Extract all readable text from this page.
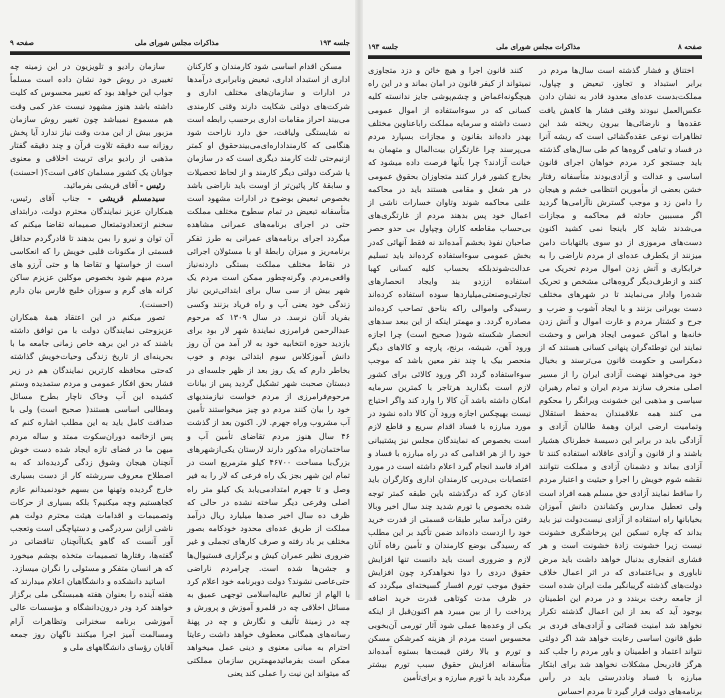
جلسه ۱۹۳
مذاکرات مجلس شورای ملی
صفحه ۹

مسکن اقدام اساسی شود کارمندان و کارکنان اداری از استبداد اداری، تبعیض ونابرابری درآمدها در ادارات و سازمان‌های مختلف اداری و شرکت‌های دولتی شکایت دارند وقتی کارمندی می‌بیند احراز مقامات اداری برحسب رابطه است نه شایستگی ولیاقت، حق دارد ناراحت شود هنگامی که کارمنداداره‌ای‌می‌بیندحقوق او کمتر ازنیم‌حتی ثلث کارمند دیگری است که در سازمان یا شرکت دولتی دیگر کارمند و از لحاظ تحصیلات و سابقهٔ کار پائین‌تر از اوست باید ناراضی باشد بخصوص تبعیض بوضوح در ادارات مشهود است متأسفانه تبعیض در تمام سطوح مختلف مملکت حتی در اجرای برنامه‌های عمرانی مشاهده میگردد اجرای برنامه‌های عمرانی به طرز تفکر برنامه‌ریز و میزان رابطهٔ او با مسئولان اجرائی در نقاط مختلف مملکت بستگی داردنه‌نیاز واقعی‌مردم. وگرنه‌چطور ممکن است مردم یک شهر بیش از سی سال برای ابتدائی‌ترین نیاز زندگی خود یعنی آب و راه فریاد بزنند وکسی بفریاد آنان نرسد. در سال ۱۳۰۹ که مرحوم عبدالرحمن فرامرزی نمایندهٔ شهر لار بود برای بازدید حوزه انتخابیه خود به لار آمد من آن روز دانش آموزکلاس سوم ابتدائی بودم و خوب بخاطر دارم که یک روز بعد از ظهر جلسه‌ای در دبستان صحبت شهر تشکیل گردید پس از بیانات مرحوم‌فرامرزی از مردم خواست نیازمندیهای خود را بیان کنند مردم دو چیز میخواستند تأمین آب مشروب وراه جهرم. لار. اکنون بعد از گذشت ۴۶ سال هنوز مردم تقاضای تأمین آب و ساختمان‌راه مذکور دارند لارستان یکی‌ازشهرهای بزرگ‌با مساحت ۴۶۷۰۰ کیلو مترمربع است در تمام این شهر بجز یک راه فرعی که لار را به فیر وصل و تا جهرم امتدادمی‌یابد یک کیلو متر راه اصلی وفرعی دیگر ساخته نشده در حالی که ظرف ده سال اخیر صدها میلیارد ریال درآمد مملکت از طریق عده‌ای محدود خود‌کامه بصور مختلف بر باد رفته و صرف کارهای تجملی و غیر ضروری نظیر عمران کیش و برگزاری فستیوال‌ها و جشن‌ها شده است. چرامردم ناراضی حتی‌عاصی نشوند؟ دولت دوبرنامه خود اعلام کرد با الهام از تعالیم عالیه‌اسلامی توجهی عمیق به مسائل اخلاقی چه در قلمرو آموزش و پرورش و چه در زمینهٔ تألیف و نگارش و چه در پهنهٔ رسانه‌های همگانی معطوف خواهد داشت رعایتا احترام به مبانی معنوی و دینی عمل میخواهد ممکن است بفرمائیدمهمترین سازمان مملکتی که میتواند این نیت را عملی کند یعنی

سازمان رادیو و تلویزیون در این زمینه چه تغییری در روش خود نشان داده است مسلماً جواب این خواهد بود که تغییر محسوس که کلیت داشته باشد هنوز مشهود نیست عذر کمی وقت هم مسموع نمیباشد چون تغییر روش سازمان مزبور بیش از این مدت وقت نیاز ندارد آیا پخش روزانه سه دقیقه تلاوت قرآن و چند دقیقه گفتار مذهبی از رادیو برای تربیت اخلاقی و معنوی جوانان یک کشور مسلمان کافی است؟( احسنت)

رئیس - آقای قریشی بفرمائید.

سیدمسلم قریشی - جناب آقای رئیس، همکاران عزیز نمایندگان محترم دولت، درابتدای سخنم ازتعداد‌وتمتعال صمیمانه تقاضا میکنم که آن توان و نیرو را بمن بدهند تا قادرگردم حداقل قسمتی از مکنونات قلبی خویش را که انعکاسی است از خواستها و تقاضا ها و حتی آرزو های مردم مبهم شود بخصوص موکلین عزیزم ساکن کرانه های گرم و سوزان خلیج فارس بیان دارم (احسنت).

تصور میکنم در این اعتقاد همهٔ همکاران عزیزوحتی نمایندگان دولت با من توافق داشته باشند که در این برهه خاص زمانی جامعه ما با بحرینه‌ای از تاریخ زندگی وحیات‌خویش گذاشته که‌حتی محافظه کارترین نمایندگان هم در زیر فشار بحق افکار عمومی و مردم ستمدیده وستم کشیده این آب وخاک ناچار بطرح مسائل ومطالبی اساسی هستند( صحیح است) ولی با صداقت کامل باید به این مطلب اشاره کنم که پس ازخاتمه دوران‌سکوت ممتد و ساله مردم میهن ما در فضای تازه ایجاد شده دست خوش آنچنان هیجان وشوق زدگی گردیده‌اند که به اصطلاح معروف سررشته کار از دست بسیاری خارج گردیده وتهنها من بسهم خود‌نمیدانم عازم کجاهستیم وچه میکنیم؟ بلکه بسیاری از حرکات وتصمیمات و اقدامات هیئت محترم دولت هم ناشی ازاین سردرگمی و دستپاچگی است وتعجب آور آنست که گاهو یکباآنچنان تناقضاتی در گفته‌ها، رفتارها تصمیمات متخذه بچشم میخورد که هر انسان متفکر و مسئولی را نگران میسازد.

اساتید دانشکده و دانشگاهیان اعلام میدارند که هفته آینده را بعنوان هفته همبستگی ملی برگزار خواهند کرد ودر درون‌دانشگاه و مؤسسات عالی آموزشی برنامه سخنرانی وتظاهرات آرام ومسالمت آمیز اجرا میکنند ناگهان روز جمعه آقایان رؤسای دانشگاههای ملی و

صفحه ۸
مذاکرات مجلس شورای ملی
جلسه ۱۹۳

اختناق و فشار گذشته است سال‌ها مردم در برابر استبداد و تجاوز، تبعیض و چپاول، مملکت‌بدست عده‌ای معدود قادر به نشان دادن عکس‌العمل نبودند وقتی فشار ها کاهش یافت عقده‌ها و نارضائی‌ها بیرون ریخته شد این تظاهرات نوعی عقده‌گشائی است که ریشه آنرا در فساد و تباهی گروه‌ها کم طی سال‌های گذشته باید جستجو کرد مردم خواهان اجرای قانون اساسی و عدالت و آزادی‌بودند متأسفانه رفتار خشن بعضی از مأمورین انتظامی خشم و هیجان را دامن زد و موجب گسترش ناآرامی‌ها گردید اگر مسببین حادثه قم محاکمه و مجازات می‌شدند شاید کار باینجا نمی کشید اکنون دست‌های مرموزی از دو سوی بالتهابات دامن میزنند از یکطرف عده‌ای از مردم ناراضی را به خرابکاری و آتش زدن اموال مردم تحریک می کنند و ازطرف‌دیگر گروه‌هائی مشخص و تحریک شده‌را وادار می‌نمایند تا در شهرهای مختلف دست بویرانی بزنند و با ایجاد آشوب و ضرب و جرح و کشتار مردم و غارت اموال و آتش زدن خانه‌ها و اماکن عمومی ایجاد هراس و وحشت نمایند این توطئه‌گران پنهانی کسانی هستند که از دمکراسی و حکومت قانون می‌ترسند و بخیال خود می‌خواهند نهضت آزادی ایران را از مسیر اصلی منحرف سازند مردم ایران و تمام رهبران سیاسی و مذهبی این خشونت ویرانگر را محکوم می کنند همه علاقمندان به‌حفظ استقلال وتمامیت ارضی ایران وهمهٔ طالبان آزادی و آزادگی باید در برابر این دسیسهٔ خطرناک هشیار باشند و از قانون و آزادی عاقلانه استفاده کنند تا آزادی بماند و دشمنان آزادی و مملکت نتوانند نقشه شوم خویش را اجرا و حیثیت و اعتبار مردم را ساقط نمایند آزادی حق مسلم همه افراد است ولی تعطیل مدارس وکشاندن دانش آموزان بخیابانها راه استفاده از آزادی نیست‌دولت نیز باید بداند که چاره تسکین این پرخاشگری خشونت نیست زیرا خشونت زادهٔ خشونت است و هر فشاری انفجاری بدنبال خواهد داشت باید مرض ناباوری و بی‌اعتمادی که در اثر اعمال خلاف دولت‌های گذشته گریبانگیر ملت ایران شده است از جامعه رخت بربندد و در مردم این اطمینان بوجود آید که بعد از این اعمال گذشته تکرار نخواهد شد امنیت قضائی و آزادی‌های فردی بر طبق قانون اساسی رعایت خواهد شد اگر دولتی نتواند اعتماد و اطمینان و باور مردم را جلب کند هرگز قادربحل مشکلات نخواهد شد برای ابتکار مبارزه با فساد وناددرستی باید در رأس برنامه‌های دولت قرار گیرد تا مردم احساس

کنند قانون اجرا و هیچ خائن و دزد متجاوزی نمیتواند از کیفر قانون در امان بماند و در این راه هیچگونه‌اغماض و چشم‌پوشی جایز ندانسته کلیه کسانی که در سوءاستفاده از اموال عمومی دست داشته و سرمایه مملکت راباعناوین مختلف بهدر داده‌اند بقانون و مجازات بسپارد مردم می‌پرسند چرا غارتگران بیت‌المال و متهمان به خیانت آزادند؟ چرا بآنها فرصت داده میشود که بخارج کشور فرار کنند متجاوزان بحقوق عمومی در هر شغل و مقامی هستند باید در محاکمه علنی محاکمه شوند وتاوان خسارات ناشی از اعمال خود پس بدهند مردم از غارتگری‌های بی‌حساب مقاطعه کاران وچپاول بی حدو حصر صاحبان نفوذ بخشم آمده‌اند نه فقط آنهائی که‌در بخش عمومی سوءاستفاده کرده‌اند باید تسلیم عدالت‌شوند‌بلکه بحساب کلیه کسانی کهبا استفاده اززدو بند وایجاد انحصارهای تجارتی‌وصنعتی‌میلیاردها سود‌ه‌ استفاده کرده‌اند رسیدگی واموالی راکه بناحق تصاحب کرده‌اند مصادره گردد. و مهمتر اینکه از این ببعد سدهای انحصار شکسته شود( صحیح است) چرا اجازه ورود آهن، شیشه، برنج، پارچه و کالاهای دیگر منحصر بیک یا چند نفر معین باشد که موجب سوءاستفاده گردد اگر ورود کالائی برای کشور لازم است بگذارید هرتاجر با کمترین سرمایه امکان داشته باشد آن کالا را وارد کند واگر احتیاج نیست بهیچکس اجازه ورود آن کالا داده نشود در مورد مبارزه با فساد اقدام سریع و قاطع لازم است بخصوص که نمایندگان مجلس نیز پشتیبانی خود را از هر اقدامی که در راه مبارزه با فساد و افراد فاسد انجام گیرد اعلام داشته است در مورد اعتصابات بی‌دربی کارمندان اداری وکارگران باید اذعان کرد که درگذشته باین طبقه کمتر توجه شده بخصوص با تورم شدید چند سال اخیر وبالا رفتن درآمد سایر طبقات قسمتی از قدرت خرید خود را ازدست داده‌اند ضمن تأکید بر این مطلب که رسیدگی بوضع کارمندان و تأمین رفاه آنان لازم و ضروری است باید دانست تنها افزایش حقوق دردی را دوا نخواهدکرد چون افزایش حقوق موجب تورم افسار گسیخته‌ای میگردد که در ظرف مدت کوتاهی قدرت خرید اضافه پرداخت را از بین میبرد هم اکنون‌قبل از اینکه یکی از وعده‌ها عملی شود آثار تورمی آن‌بخوبی محسوس است مردم از هزینه کمرشکن مسکن و تورم و بالا رفتن قیمت‌ها بستوه آمده‌اند متأسفانه افزایش حقوق سبب تورم بیشتر میگردد باید با تورم مبارزه و برای‌تأمین
